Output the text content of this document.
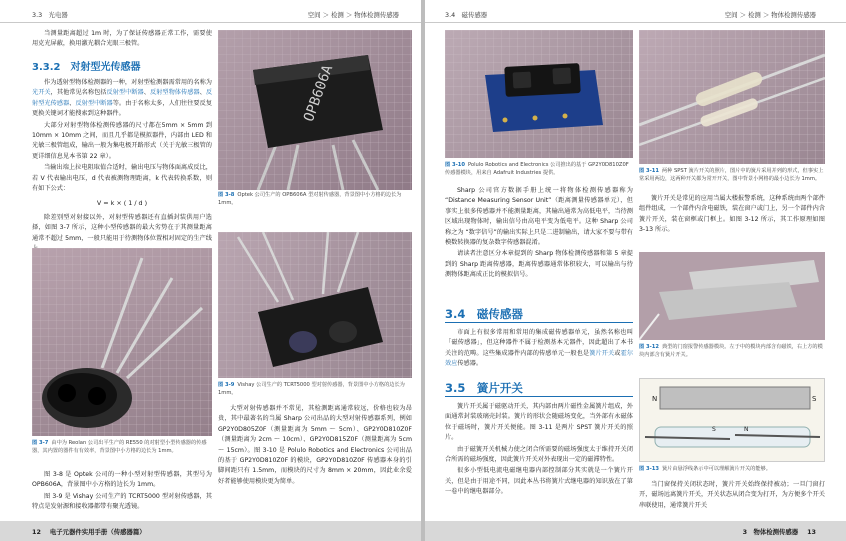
3.3　光电器	空间 ＞ 检测 ＞ 物体检测传感器

当测量距离超过 1m 时，为了保证传感器正常工作，需要使用克光屏蔽，换用激光耦合光眼三极管。

3.3.2　对射型光传感器

作为透射型物体检测器的一种，对射型检测器需常用的名称为光开关，其他常见名称包括反射型中断器、反射型物体传感器、反射型光传感器、反射型中断器等。由于名称太多，人们往往要反复更换关键词才能搜索到这种器件。

大部分对射型物体检测传感器的尺寸都在5mm × 5mm 到 10mm × 10mm 之间，而且几乎都是模拟器件，内部由 LED 和光敏三极管组成，输出一般为集电极开路形式（关于光敏三极管的更详细信息见本书第 22 章）。

当输出端上拉电阻取值合适时，输出电压与物体面离成反比，若 V 代表输出电压，d 代表被测物理距离，k 代表转换系数，则有如下公式：

V = k × ( 1 / d )

除差别型对射接以外，对射型传感器还有直插封装供用户选择，如图 3-7 所示，这种小型传感器的最大劣势在于其测量距离通常不超过 5mm，一般只能用于待测物体位置相对固定的生产线

OPB606A
图 3-8 Optek 公司生产的 OPB606A 型对射传感器，背景图中小方格的边长为 1mm。
图 3-7 由中为 Reolan 公司出平生产的 RE550 的对射型小型传感器的传感器，其内置的器件有有效率，背景图中小方格的边长为 1mm。

图 3-8 是 Optek 公司的一种小型对射型传感器，其型号为 OPB606A，背景图中小方格的边长为 1mm。

图 3-9 是 Vishay 公司生产的 TCRT5000 型对射传感器，其特点是发射源和接收器都带有聚光透镜。

图 3-9 Vishay 公司生产的 TCRT5000 型对射传感器，背景图中小方格的边长为 1mm。

大型对射传感器并不常见，其检测距离通常较远，价格也较为昂贵，其中最著名的当属 Sharp 公司出品的大型对射传感器系列，例如 GP2Y0D805Z0F（测量距离为 5mm ～ 5cm）、GP2Y0D810Z0F（测量距离为 2cm ～ 10cm）、GP2Y0D815Z0F（测量距离为 5cm ～ 15cm）。图 3-10 是 Polulo Robotics and Electronics 公司出品的基于 GP2Y0D810Z0F 的模块，GP2Y0D810Z0F 传感器本身的引脚间距只有 1.5mm，而模块的尺寸为 8mm × 20mm，因此业余爱好者能够使用模块更为简单。

12 电子元器件实用手册（传感器篇）
3.4　磁传感器	空间 ＞ 检测 ＞ 物体检测传感器
图 3-10 Polulo Robotics and Electronics 公司推出的基于 GP2Y0D810Z0F 传感器模块，用来自 Adafruit Industries 提供。

Sharp 公司官方数据手册上统一将物体检测传感器称为 “Distance Measuring Sensor Unit”（距离测量传感器单元），但事实上很多传感器并不能测量距离，其输出通常为高低电平，当待测区域出现物体时，输出信号由高电平变为低电平。这种 Sharp 公司称之为 “数字信号”的输出实际上只是二进制输出，请大家不要与带有模数转换器的复杂数字传感器混淆。

请读者注意区分本章提到的 Sharp 物体检测传感器和第 5 章提到的 Sharp 距离传感器，距离传感器通常体积较大，可以输出与待测物体距离成正比的模拟信号。

3.4　磁传感器

市面上有很多常用和常用的集成磁传感器单元，虽然名称也叫「磁传感器」，但这种器件不属于检测基本元器件，因此超出了本书关注的范畴。这些集成器件内部的传感单元一般也是簧片开关或霍尔效应传感器。

3.5　簧片开关

簧片开关属于磁驱动开关，其内部由两片磁性金属簧片组成，外面通常封装玻璃壳封装。簧片的形状会随磁场变化，当外部有永磁体位于磁场时，簧片开关便能。图 3-11 是两片 SPST 簧片开关的照片。

由于磁簧开关机械力使之闭合所需要的磁场强度太于维持开关闭合所需的磁场强度，因此簧片开关对外表现出一定的磁滞特性。

很多小型低电流电磁继电器内部控制部分其实就是一个簧片开关，但是由于用途不同，因此本丛书将簧片式继电器的知识放在了第一卷中的继电器部分。

图 3-11 两种 SPST 簧片开关的照片，图片中的簧片采用并列的形式，但事实上常采用两边，这两种开关都为常开开关，图中背景小网格的最小边长为 1mm。

簧片开关是常见的应用当属大楼报警系统，这种系统由两个部件组件组成，一个部件内含电磁铁，装在窗户或门上，另一个部件内含簧片开关，装在窗框或门框上。如图 3-12 所示，其工作原理如图 3-13 所示。

图 3-12 典型的门窗报警传感器模块。左于中的模块内部含有磁铁，右上方的模块内部含有簧片开关。
N	S
S	N
图 3-13 簧片由悬浮线条示中可以理解簧片开关的能够。

当门窗保持关闭状态时，簧片开关始终保持被动；一旦门窗打开，磁场远离簧片开关，开关状态从闭合变为打开，为方便多个开关串联使用，通常簧片开关

3　物体检测传感器 13
